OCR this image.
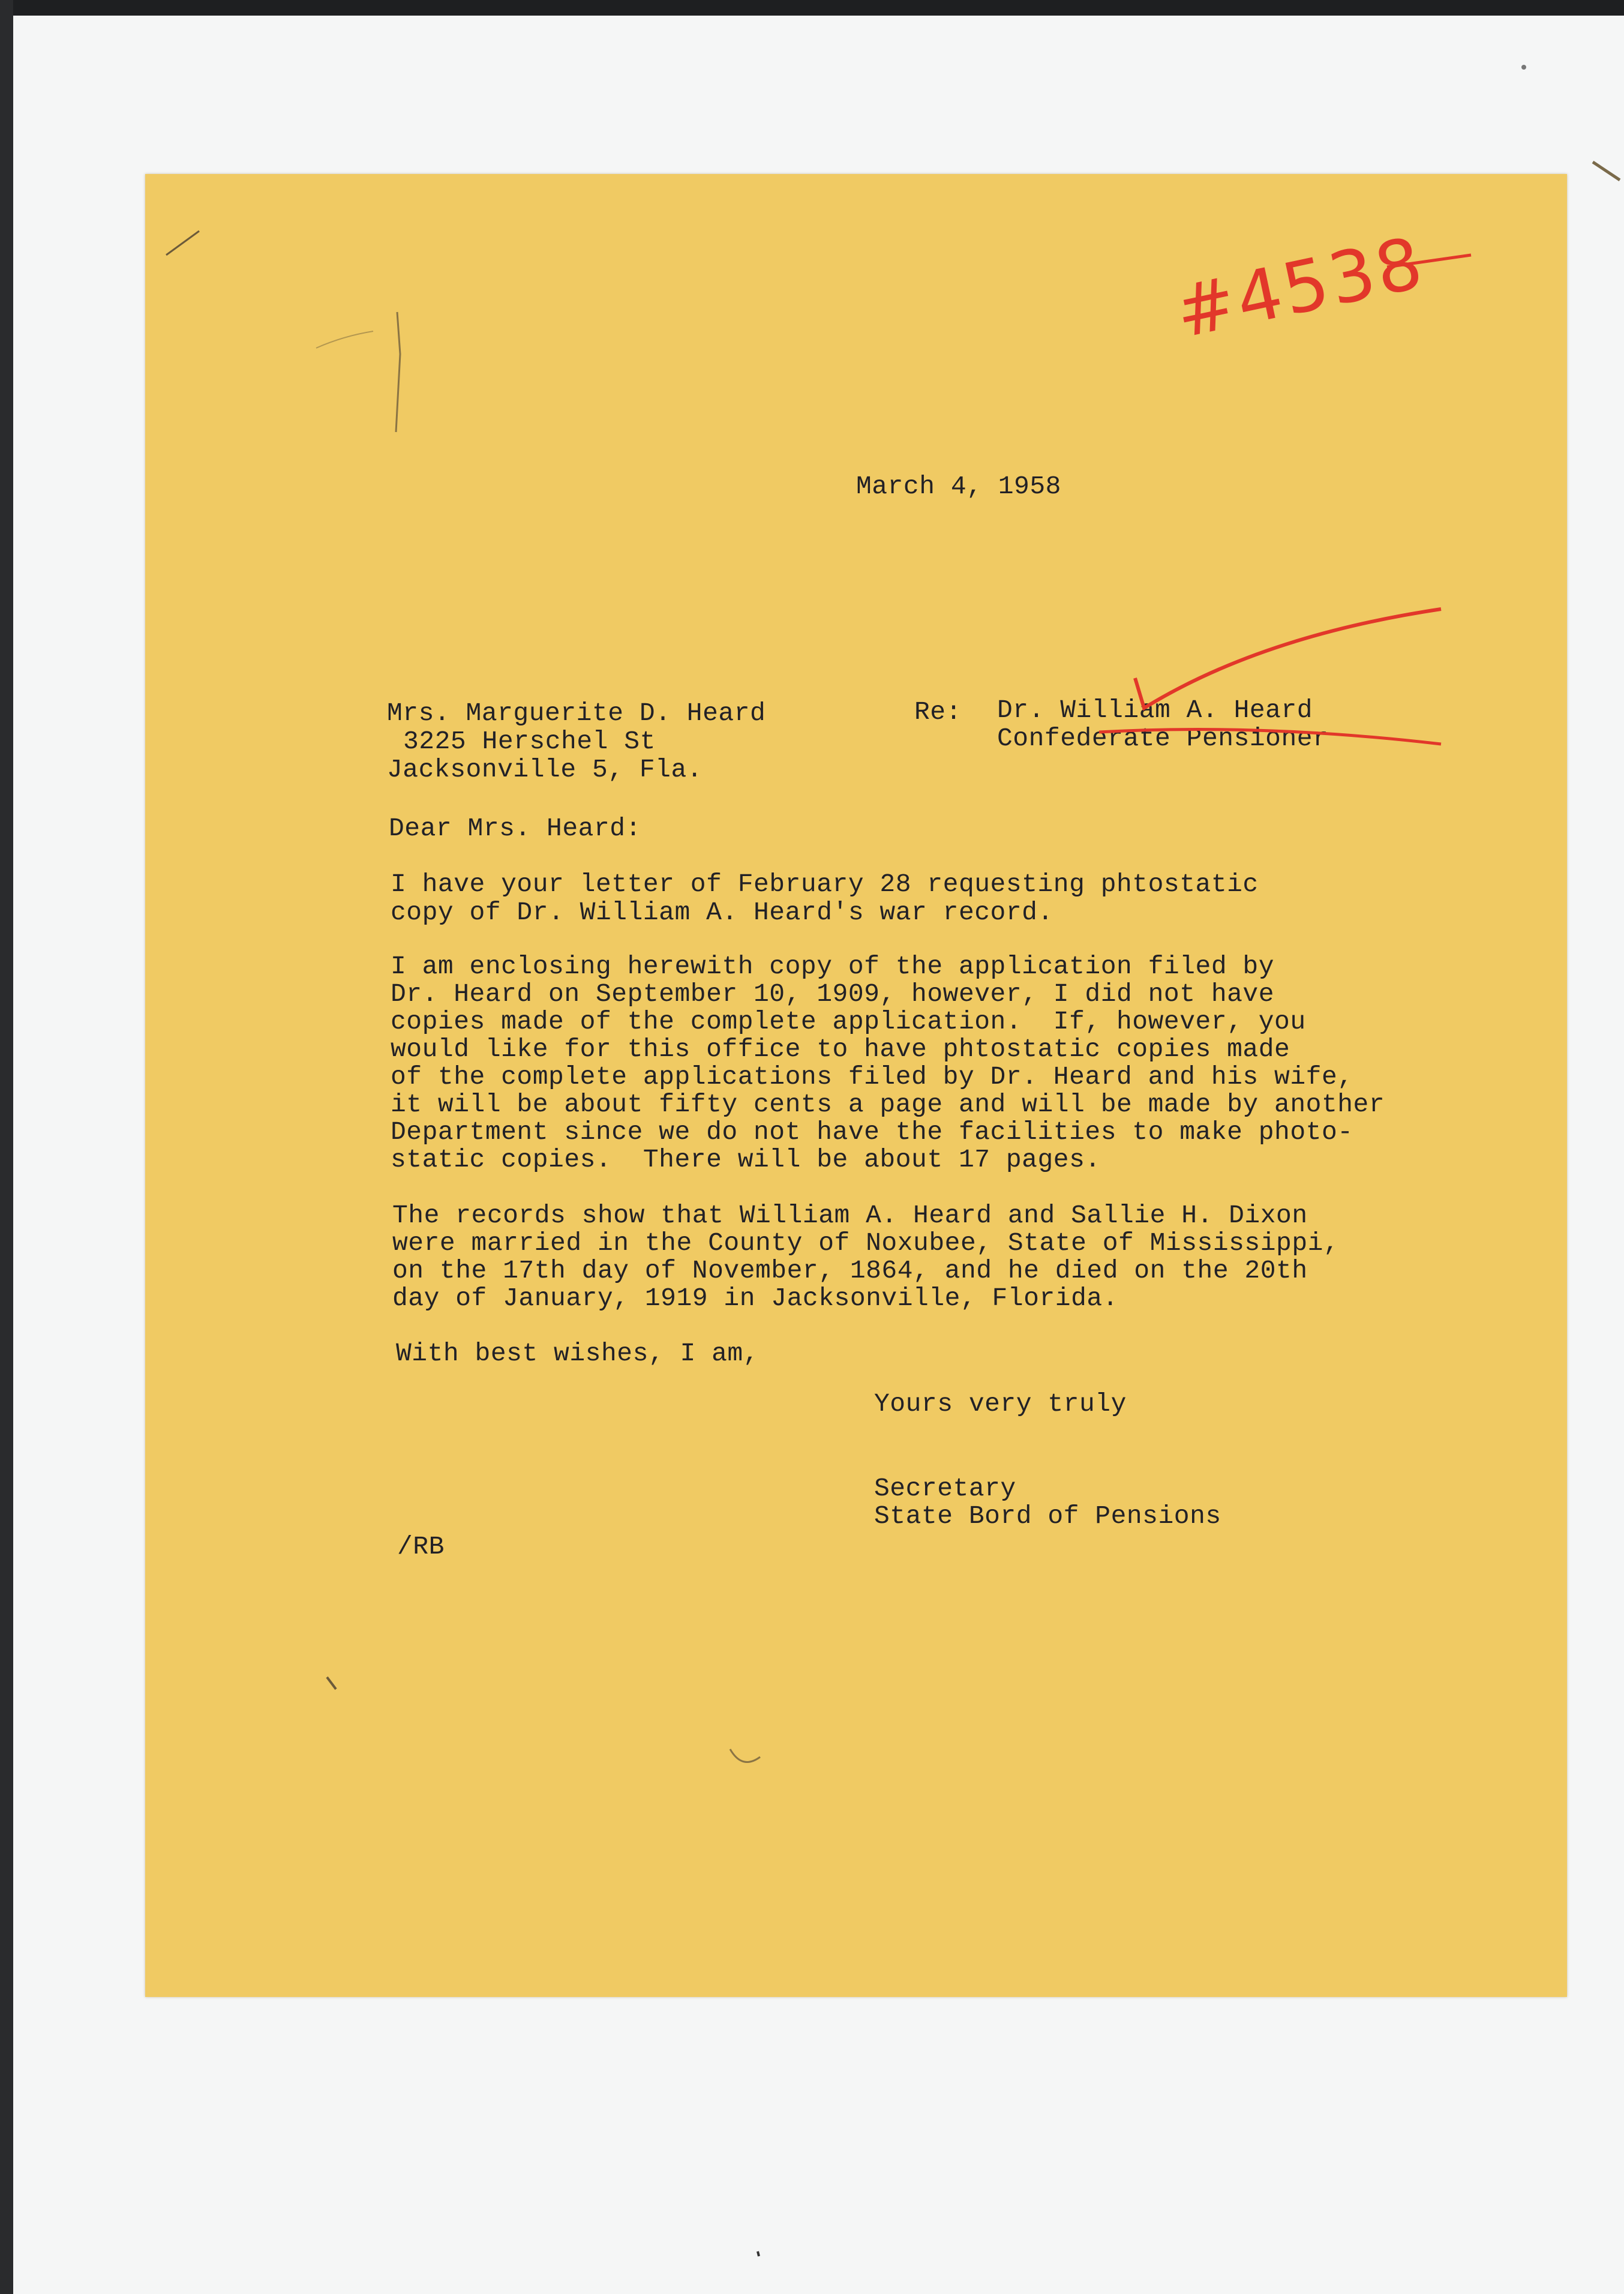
#4538
March 4, 1958
Mrs. Marguerite D. Heard
3225 Herschel St
Jacksonville 5, Fla.
Re: Dr. William A. Heard
Confederate Pensioner
Dear Mrs. Heard:
I have your letter of February 28 requesting phtostatic
copy of Dr. William A. Heard's war record.
I am enclosing herewith copy of the application filed by
Dr. Heard on September 10, 1909, however, I did not have
copies made of the complete application.  If, however, you
would like for this office to have phtostatic copies made
of the complete applications filed by Dr. Heard and his wife,
it will be about fifty cents a page and will be made by another
Department since we do not have the facilities to make photo-
static copies.  There will be about 17 pages.
The records show that William A. Heard and Sallie H. Dixon
were married in the County of Noxubee, State of Mississippi,
on the 17th day of November, 1864, and he died on the 20th
day of January, 1919 in Jacksonville, Florida.
With best wishes, I am,
Yours very truly
Secretary
State Bord of Pensions
/RB
